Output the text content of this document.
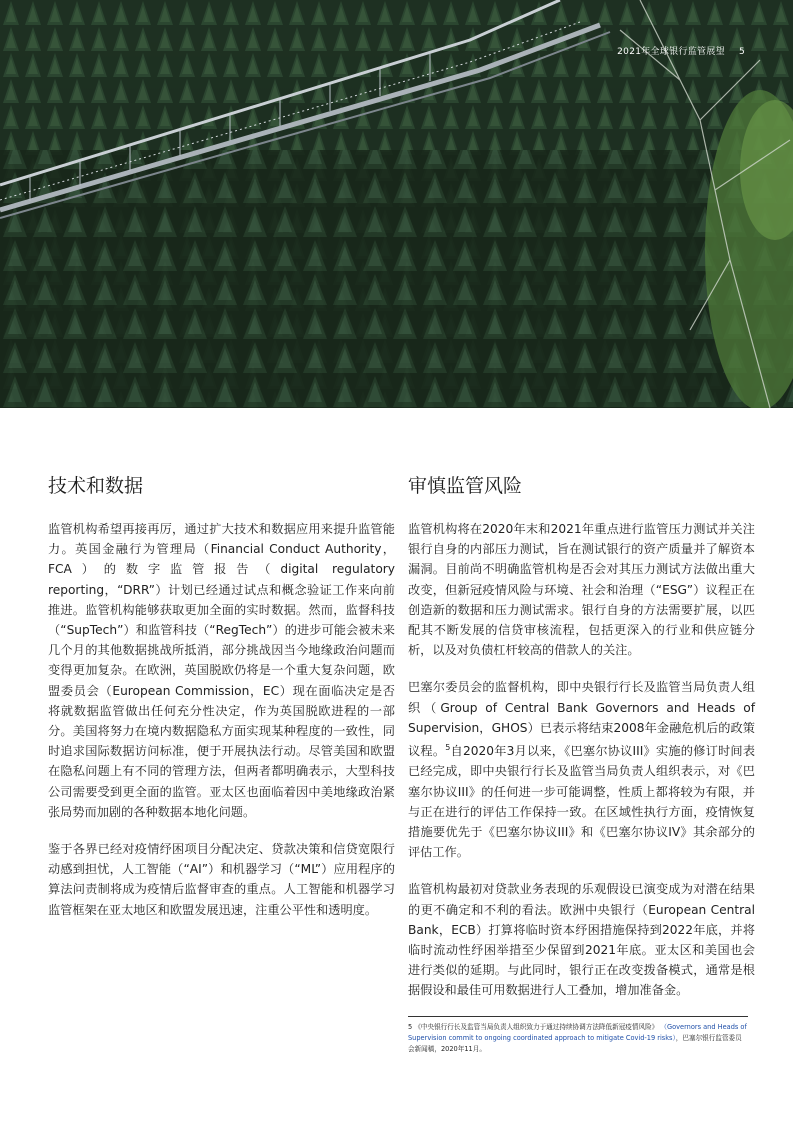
2021年全球银行监管展望 5
技术和数据

监管机构希望再接再厉，通过扩大技术和数据应用来提升监管能力。英国金融行为管理局（Financial Conduct Authority，FCA）的数字监管报告（digital regulatory reporting，“DRR”）计划已经通过试点和概念验证工作来向前推进。监管机构能够获取更加全面的实时数据。然而，监督科技（“SupTech”）和监管科技（“RegTech”）的进步可能会被未来几个月的其他数据挑战所抵消，部分挑战因当今地缘政治问题而变得更加复杂。在欧洲，英国脱欧仍将是一个重大复杂问题，欧盟委员会（European Commission，EC）现在面临决定是否将就数据监管做出任何充分性决定，作为英国脱欧进程的一部分。美国将努力在境内数据隐私方面实现某种程度的一致性，同时追求国际数据访问标准，便于开展执法行动。尽管美国和欧盟在隐私问题上有不同的管理方法，但两者都明确表示，大型科技公司需要受到更全面的监管。亚太区也面临着因中美地缘政治紧张局势而加剧的各种数据本地化问题。

鉴于各界已经对疫情纾困项目分配决定、贷款决策和信贷宽限行动感到担忧，人工智能（“AI”）和机器学习（“ML”）应用程序的算法问责制将成为疫情后监督审查的重点。人工智能和机器学习监管框架在亚太地区和欧盟发展迅速，注重公平性和透明度。

审慎监管风险

监管机构将在2020年末和2021年重点进行监管压力测试并关注银行自身的内部压力测试，旨在测试银行的资产质量并了解资本漏洞。目前尚不明确监管机构是否会对其压力测试方法做出重大改变，但新冠疫情风险与环境、社会和治理（“ESG”）议程正在创造新的数据和压力测试需求。银行自身的方法需要扩展，以匹配其不断发展的信贷审核流程，包括更深入的行业和供应链分析，以及对负债杠杆较高的借款人的关注。

巴塞尔委员会的监督机构，即中央银行行长及监管当局负责人组织（Group of Central Bank Governors and Heads of Supervision，GHOS）已表示将结束2008年金融危机后的政策议程。$^5$自2020年3月以来，《巴塞尔协议III》实施的修订时间表已经完成，即中央银行行长及监管当局负责人组织表示，对《巴塞尔协议III》的任何进一步可能调整，性质上都将较为有限，并与正在进行的评估工作保持一致。在区域性执行方面，疫情恢复措施要优先于《巴塞尔协议III》和《巴塞尔协议IV》其余部分的评估工作。

监管机构最初对贷款业务表现的乐观假设已演变成为对潜在结果的更不确定和不利的看法。欧洲中央银行（European Central Bank，ECB）打算将临时资本纾困措施保持到2022年底，并将临时流动性纾困举措至少保留到2021年底。亚太区和美国也会进行类似的延期。与此同时，银行正在改变拨备模式，通常是根据假设和最佳可用数据进行人工叠加，增加准备金。

5 《中央银行行长及监管当局负责人组织致力于通过持续协调方法降低新冠疫情风险》 （Governors and Heads of Supervision commit to ongoing coordinated approach to mitigate Covid-19 risks），巴塞尔银行监管委员会新闻稿，2020年11月。
